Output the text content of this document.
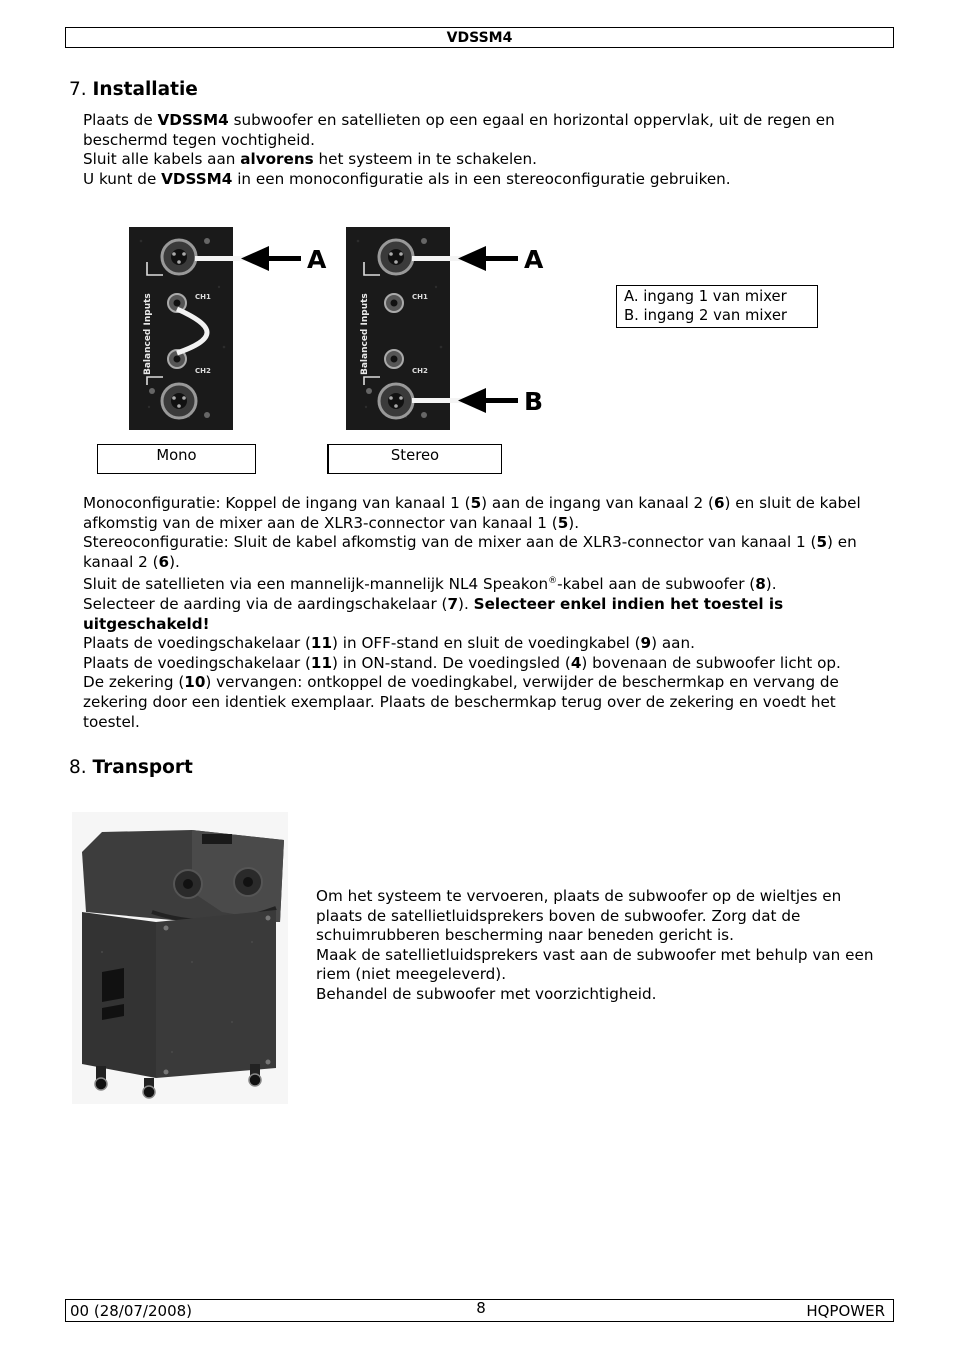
VDSSM4
7. Installatie

Plaats de VDSSM4 subwoofer en satellieten op een egaal en horizontal oppervlak, uit de regen en beschermd tegen vochtigheid.

Sluit alle kabels aan alvorens het systeem in te schakelen.

U kunt de VDSSM4 in een monoconfiguratie als in een stereoconfiguratie gebruiken.

CH1
CH2
Balanced Inputs
A
CH1
CH2
Balanced Inputs
A
B
A. ingang 1 van mixer
B. ingang 2 van mixer
Mono	Stereo

Monoconfiguratie: Koppel de ingang van kanaal 1 (5) aan de ingang van kanaal 2 (6) en sluit de kabel afkomstig van de mixer aan de XLR3-connector van kanaal 1 (5).

Stereoconfiguratie: Sluit de kabel afkomstig van de mixer aan de XLR3-connector van kanaal 1 (5) en kanaal 2 (6).

Sluit de satellieten via een mannelijk-mannelijk NL4 Speakon®-kabel aan de subwoofer (8).

Selecteer de aarding via de aardingschakelaar (7). Selecteer enkel indien het toestel is uitgeschakeld!

Plaats de voedingschakelaar (11) in OFF-stand en sluit de voedingkabel (9) aan.

Plaats de voedingschakelaar (11) in ON-stand. De voedingsled (4) bovenaan de subwoofer licht op.

De zekering (10) vervangen: ontkoppel de voedingkabel, verwijder de beschermkap en vervang de zekering door een identiek exemplaar. Plaats de beschermkap terug over de zekering en voedt het toestel.

8. Transport

Om het systeem te vervoeren, plaats de subwoofer op de wieltjes en plaats de satellietluidsprekers boven de subwoofer. Zorg dat de schuimrubberen bescherming naar beneden gericht is.

Maak de satellietluidsprekers vast aan de subwoofer met behulp van een riem (niet meegeleverd).

Behandel de subwoofer met voorzichtigheid.

00 (28/07/2008)	8	HQPOWER
